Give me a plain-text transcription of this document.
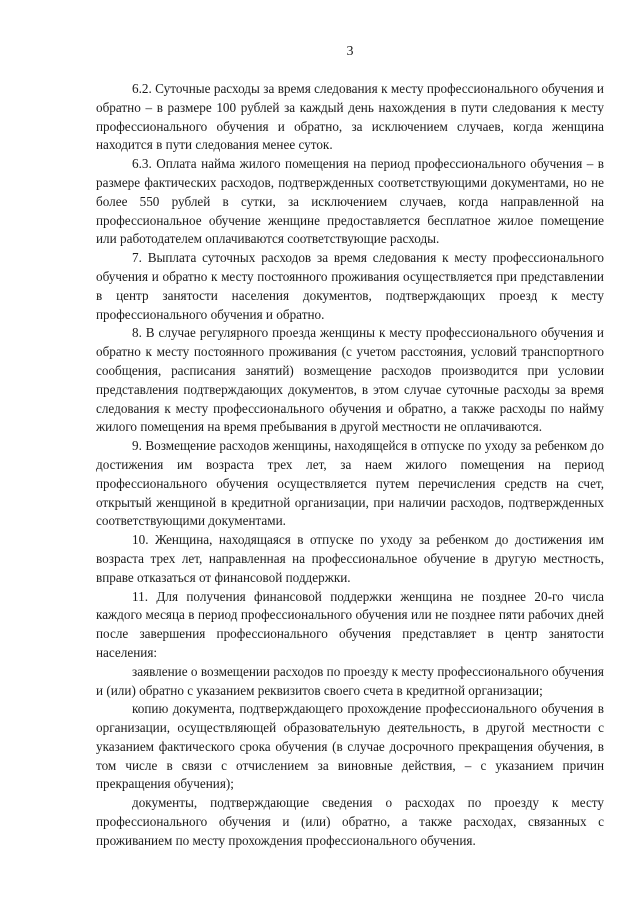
3

6.2. Суточные расходы за время следования к месту профессионального обучения и обратно – в размере 100 рублей за каждый день нахождения в пути следования к месту профессионального обучения и обратно, за исключением случаев, когда женщина находится в пути следования менее суток.

6.3. Оплата найма жилого помещения на период профессионального обучения – в размере фактических расходов, подтвержденных соответствующими документами, но не более 550 рублей в сутки, за исключением случаев, когда направленной на профессиональное обучение женщине предоставляется бесплатное жилое помещение или работодателем оплачиваются соответствующие расходы.

7. Выплата суточных расходов за время следования к месту профессионального обучения и обратно к месту постоянного проживания осуществляется при представлении в центр занятости населения документов, подтверждающих проезд к месту профессионального обучения и обратно.

8. В случае регулярного проезда женщины к месту профессионального обучения и обратно к месту постоянного проживания (с учетом расстояния, условий транспортного сообщения, расписания занятий) возмещение расходов производится при условии представления подтверждающих документов, в этом случае суточные расходы за время следования к месту профессионального обучения и обратно, а также расходы по найму жилого помещения на время пребывания в другой местности не оплачиваются.

9. Возмещение расходов женщины, находящейся в отпуске по уходу за ребенком до достижения им возраста трех лет, за наем жилого помещения на период профессионального обучения осуществляется путем перечисления средств на счет, открытый женщиной в кредитной организации, при наличии расходов, подтвержденных соответствующими документами.

10. Женщина, находящаяся в отпуске по уходу за ребенком до достижения им возраста трех лет, направленная на профессиональное обучение в другую местность, вправе отказаться от финансовой поддержки.

11. Для получения финансовой поддержки женщина не позднее 20-го числа каждого месяца в период профессионального обучения или не позднее пяти рабочих дней после завершения профессионального обучения представляет в центр занятости населения:

заявление о возмещении расходов по проезду к месту профессионального обучения и (или) обратно с указанием реквизитов своего счета в кредитной организации;

копию документа, подтверждающего прохождение профессионального обучения в организации, осуществляющей образовательную деятельность, в другой местности с указанием фактического срока обучения (в случае досрочного прекращения обучения, в том числе в связи с отчислением за виновные действия, – с указанием причин прекращения обучения);

документы, подтверждающие сведения о расходах по проезду к месту профессионального обучения и (или) обратно, а также расходах, связанных с проживанием по месту прохождения профессионального обучения.
